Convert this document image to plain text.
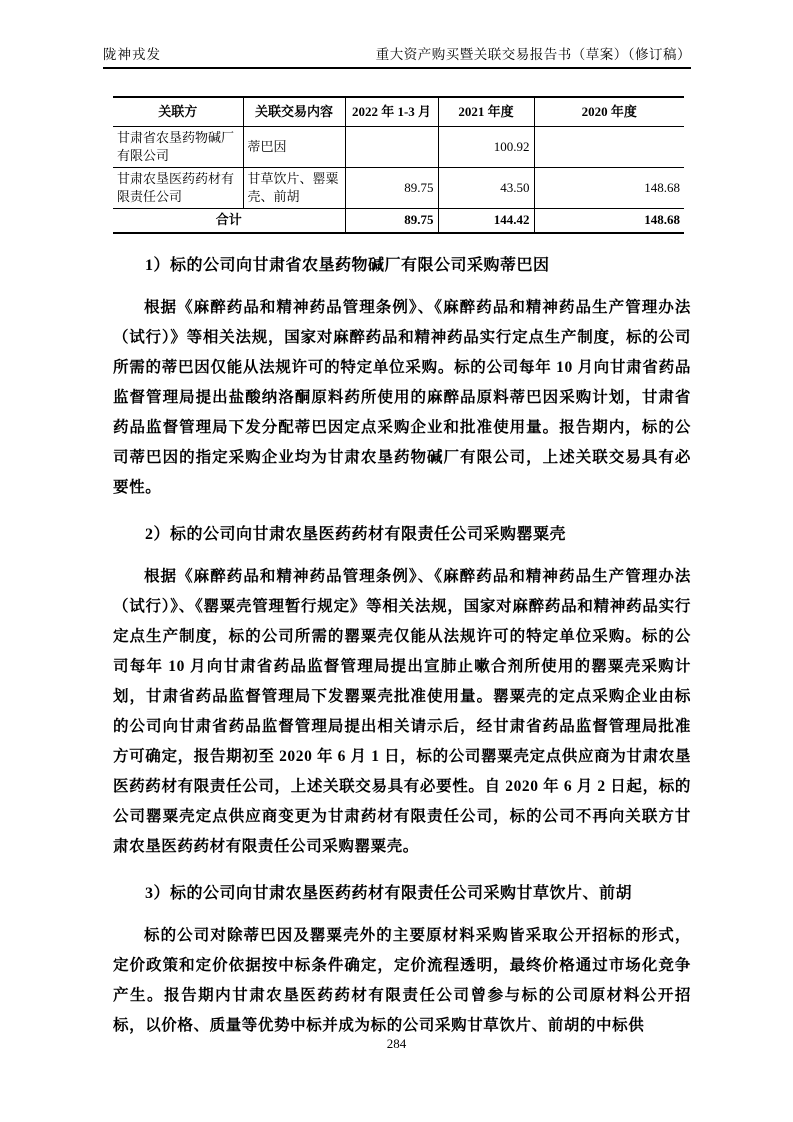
陇神戎发	重大资产购买暨关联交易报告书（草案）（修订稿）
关联方	关联交易内容	2022 年 1-3 月	2021 年度	2020 年度
甘肃省农垦药物碱厂有限公司	蒂巴因		100.92	
甘肃农垦医药药材有限责任公司	甘草饮片、罂粟壳、前胡	89.75	43.50	148.68
合计		89.75	144.42	148.68
1）标的公司向甘肃省农垦药物碱厂有限公司采购蒂巴因

根据《麻醉药品和精神药品管理条例》、《麻醉药品和精神药品生产管理办法（试行）》等相关法规，国家对麻醉药品和精神药品实行定点生产制度，标的公司所需的蒂巴因仅能从法规许可的特定单位采购。标的公司每年 10 月向甘肃省药品监督管理局提出盐酸纳洛酮原料药所使用的麻醉品原料蒂巴因采购计划，甘肃省药品监督管理局下发分配蒂巴因定点采购企业和批准使用量。报告期内，标的公司蒂巴因的指定采购企业均为甘肃农垦药物碱厂有限公司，上述关联交易具有必要性。

2）标的公司向甘肃农垦医药药材有限责任公司采购罂粟壳

根据《麻醉药品和精神药品管理条例》、《麻醉药品和精神药品生产管理办法（试行）》、《罂粟壳管理暂行规定》等相关法规，国家对麻醉药品和精神药品实行定点生产制度，标的公司所需的罂粟壳仅能从法规许可的特定单位采购。标的公司每年 10 月向甘肃省药品监督管理局提出宣肺止嗽合剂所使用的罂粟壳采购计划，甘肃省药品监督管理局下发罂粟壳批准使用量。罂粟壳的定点采购企业由标的公司向甘肃省药品监督管理局提出相关请示后，经甘肃省药品监督管理局批准方可确定，报告期初至 2020 年 6 月 1 日，标的公司罂粟壳定点供应商为甘肃农垦医药药材有限责任公司，上述关联交易具有必要性。自 2020 年 6 月 2 日起，标的公司罂粟壳定点供应商变更为甘肃药材有限责任公司，标的公司不再向关联方甘肃农垦医药药材有限责任公司采购罂粟壳。

3）标的公司向甘肃农垦医药药材有限责任公司采购甘草饮片、前胡

标的公司对除蒂巴因及罂粟壳外的主要原材料采购皆采取公开招标的形式，定价政策和定价依据按中标条件确定，定价流程透明，最终价格通过市场化竞争产生。报告期内甘肃农垦医药药材有限责任公司曾参与标的公司原材料公开招标，以价格、质量等优势中标并成为标的公司采购甘草饮片、前胡的中标供

284
